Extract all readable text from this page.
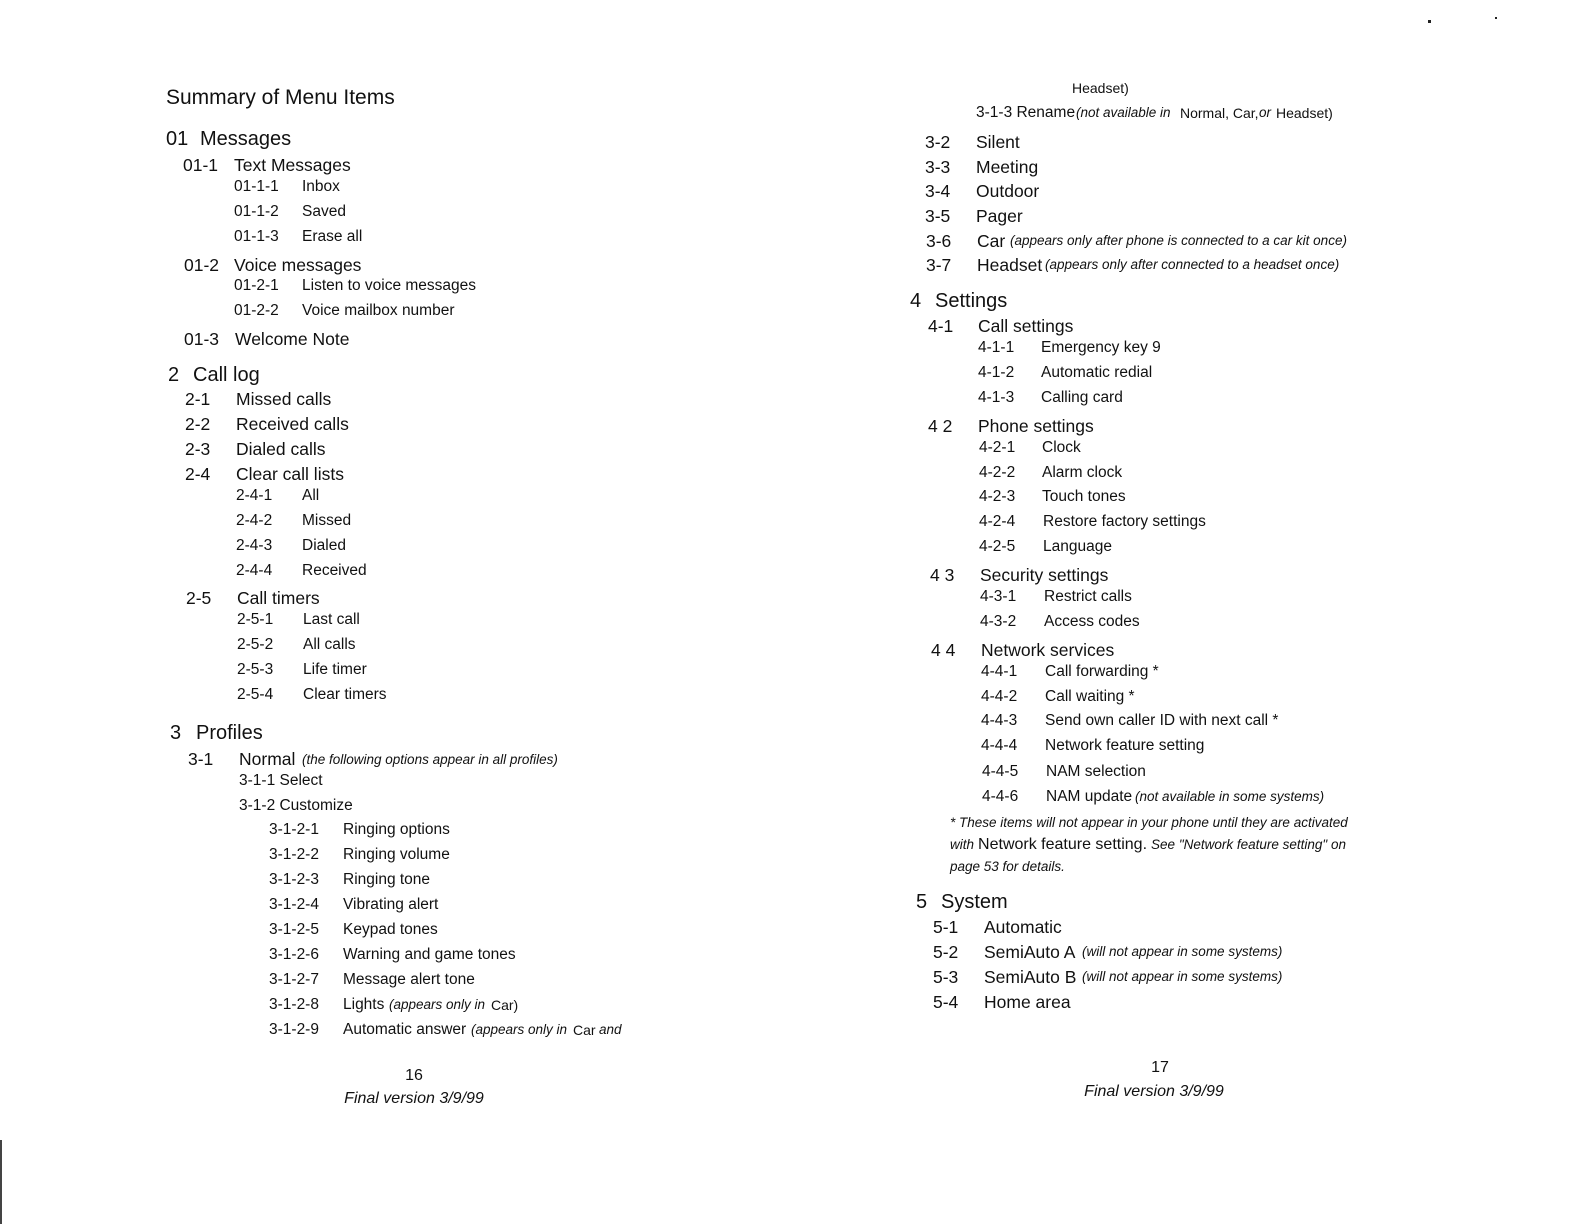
Summary of Menu Items
01 Messages
01-1 Text Messages
01-1-1 Inbox
01-1-2 Saved
01-1-3 Erase all
01-2 Voice messages
01-2-1 Listen to voice messages
01-2-2 Voice mailbox number
01-3 Welcome Note
2 Call log
2-1 Missed calls
2-2 Received calls
2-3 Dialed calls
2-4 Clear call lists
2-4-1 All
2-4-2 Missed
2-4-3 Dialed
2-4-4 Received
2-5 Call timers
2-5-1 Last call
2-5-2 All calls
2-5-3 Life timer
2-5-4 Clear timers
3 Profiles
3-1 Normal (the following options appear in all profiles)
3-1-1 Select
3-1-2 Customize
3-1-2-1 Ringing options
3-1-2-2 Ringing volume
3-1-2-3 Ringing tone
3-1-2-4 Vibrating alert
3-1-2-5 Keypad tones
3-1-2-6 Warning and game tones
3-1-2-7 Message alert tone
3-1-2-8 Lights (appears only in Car)
3-1-2-9 Automatic answer (appears only in Car and
16
Final version 3/9/99
Headset)
3-1-3 Rename (not available in Normal, Car, or Headset)
3-2 Silent
3-3 Meeting
3-4 Outdoor
3-5 Pager
3-6 Car (appears only after phone is connected to a car kit once)
3-7 Headset (appears only after connected to a headset once)
4 Settings
4-1 Call settings
4-1-1 Emergency key 9
4-1-2 Automatic redial
4-1-3 Calling card
4 2 Phone settings
4-2-1 Clock
4-2-2 Alarm clock
4-2-3 Touch tones
4-2-4 Restore factory settings
4-2-5 Language
4 3 Security settings
4-3-1 Restrict calls
4-3-2 Access codes
4 4 Network services
4-4-1 Call forwarding *
4-4-2 Call waiting *
4-4-3 Send own caller ID with next call *
4-4-4 Network feature setting
4-4-5 NAM selection
4-4-6 NAM update (not available in some systems)
* These items will not appear in your phone until they are activated
with Network feature setting. See "Network feature setting" on
page 53 for details.
5 System
5-1 Automatic
5-2 SemiAuto A (will not appear in some systems)
5-3 SemiAuto B (will not appear in some systems)
5-4 Home area
17
Final version 3/9/99
